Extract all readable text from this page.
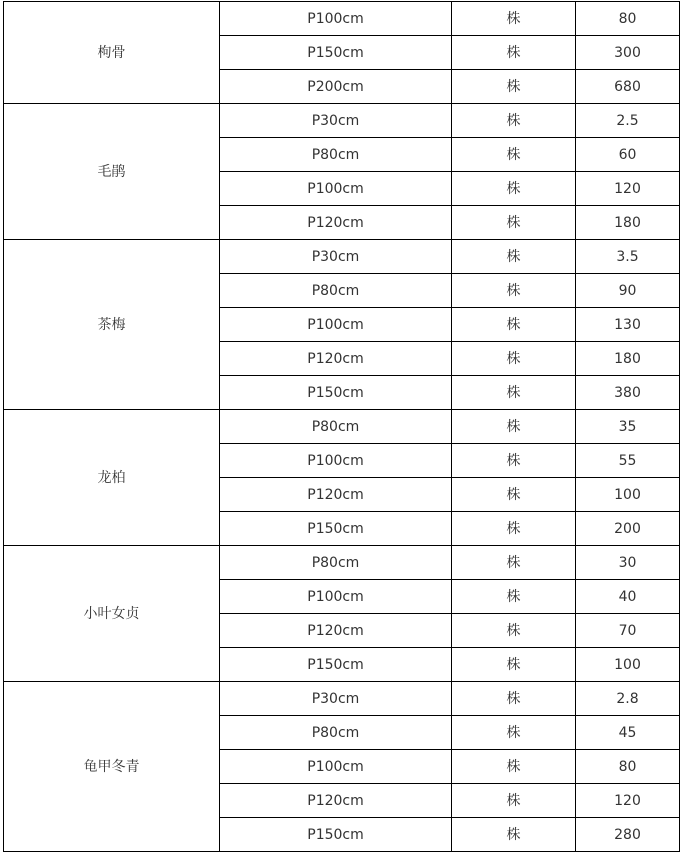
枸骨	P100cm	株	80
	P150cm	株	300
	P200cm	株	680
毛鹃	P30cm	株	2.5
	P80cm	株	60
	P100cm	株	120
	P120cm	株	180
茶梅	P30cm	株	3.5
	P80cm	株	90
	P100cm	株	130
	P120cm	株	180
	P150cm	株	380
龙柏	P80cm	株	35
	P100cm	株	55
	P120cm	株	100
	P150cm	株	200
小叶女贞	P80cm	株	30
	P100cm	株	40
	P120cm	株	70
	P150cm	株	100
龟甲冬青	P30cm	株	2.8
	P80cm	株	45
	P100cm	株	80
	P120cm	株	120
	P150cm	株	280
